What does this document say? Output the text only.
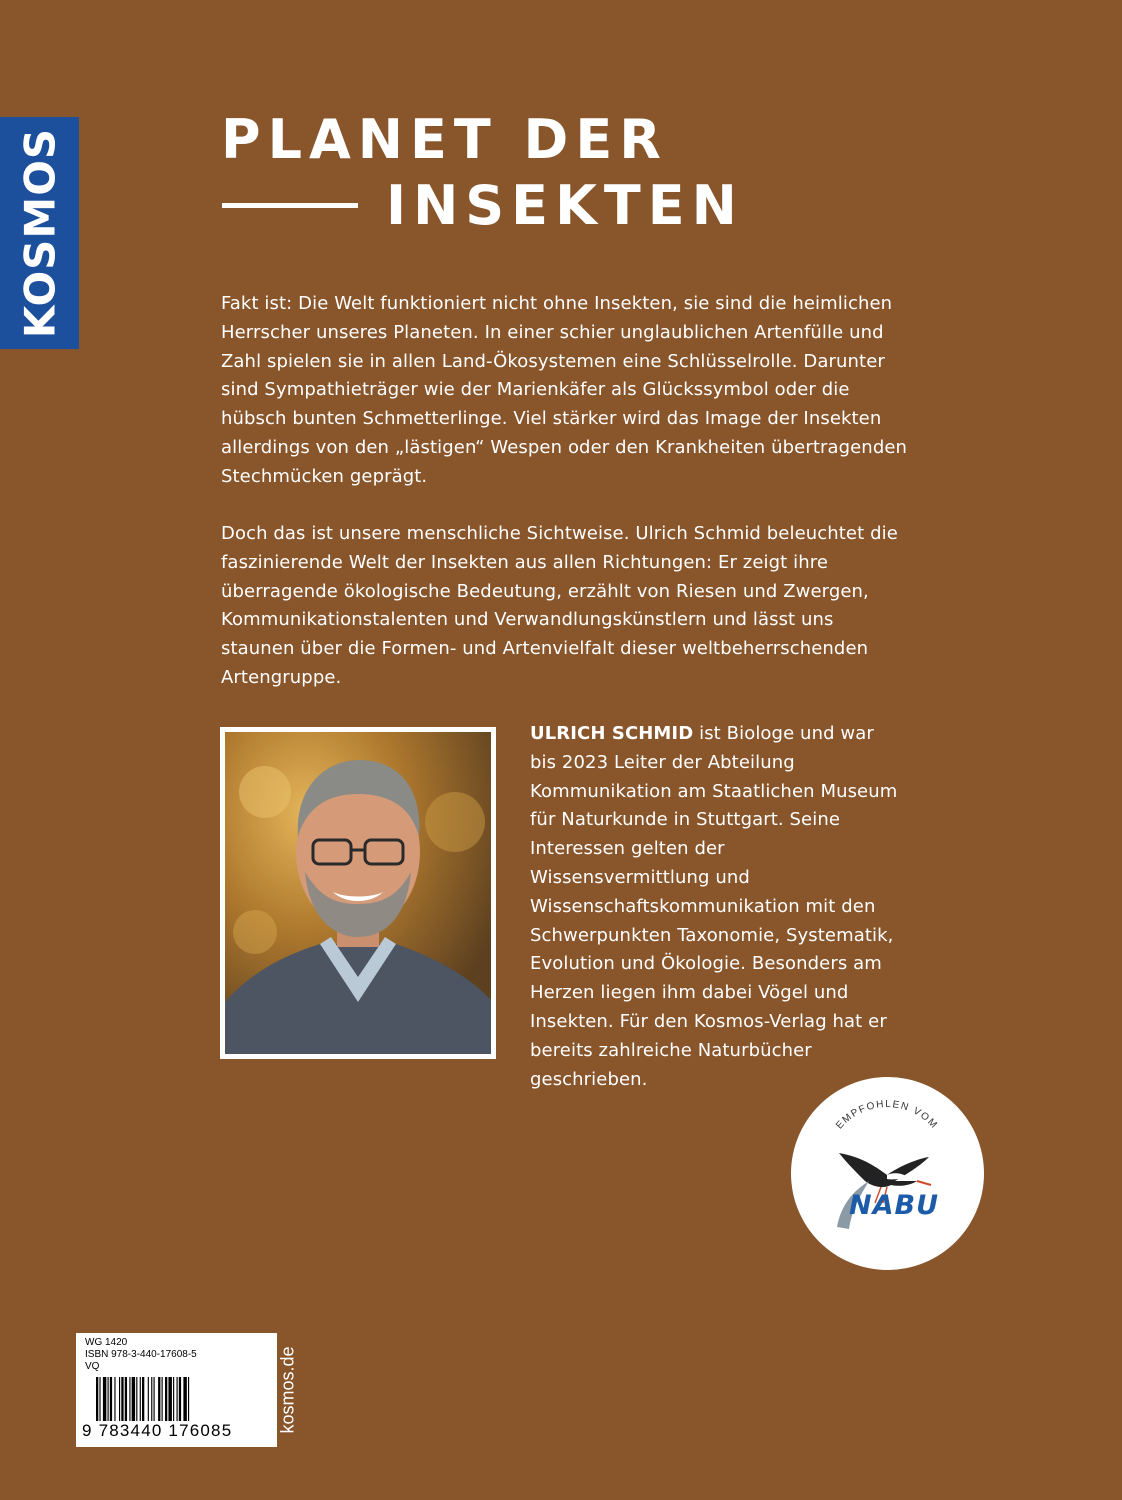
KOSMOS	PLANET DER
INSEKTEN

Fakt ist: Die Welt funktioniert nicht ohne Insekten, sie sind die heimlichen Herrscher unseres Planeten. In einer schier unglaublichen Artenfülle und Zahl spielen sie in allen Land-Ökosystemen eine Schlüsselrolle. Darunter sind Sympathieträger wie der Marienkäfer als Glückssymbol oder die hübsch bunten Schmetterlinge. Viel stärker wird das Image der Insekten allerdings von den „lästigen“ Wespen oder den Krankheiten übertragenden Stechmücken geprägt.

Doch das ist unsere menschliche Sichtweise. Ulrich Schmid beleuchtet die faszinierende Welt der Insekten aus allen Richtungen: Er zeigt ihre überragende ökologische Bedeutung, erzählt von Riesen und Zwergen, Kommunikationstalenten und Verwandlungskünstlern und lässt uns staunen über die Formen- und Artenvielfalt dieser weltbeherrschenden Artengruppe.

ULRICH SCHMID ist Biologe und war bis 2023 Leiter der Abteilung Kommunikation am Staatlichen Museum für Naturkunde in Stuttgart. Seine Interessen gelten der Wissensvermittlung und Wissenschaftskommunikation mit den Schwerpunkten Taxonomie, Systematik, Evolution und Ökologie. Besonders am Herzen liegen ihm dabei Vögel und Insekten. Für den Kosmos-Verlag hat er bereits zahlreiche Naturbücher geschrieben.

EMPFOHLEN VOM
NABU
WG 1420
ISBN 978-3-440-17608-5
VQ
9 783440 176085	kosmos.de
